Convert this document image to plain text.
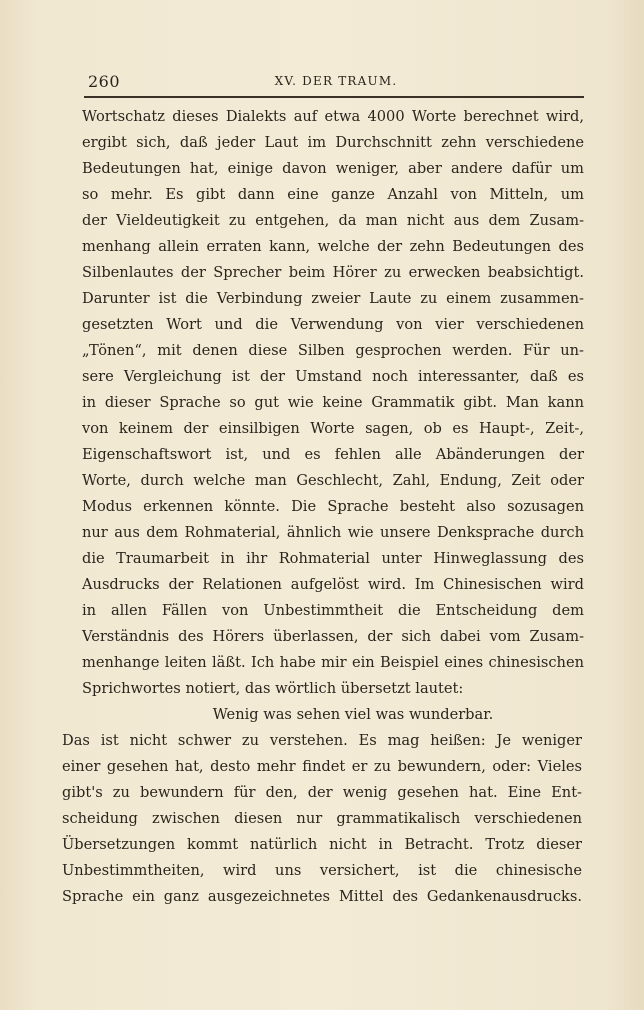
260	XV. DER TRAUM.
Wortschatz dieses Dialekts auf etwa 4000 Worte berechnet wird,
ergibt sich, daß jeder Laut im Durchschnitt zehn verschiedene
Bedeutungen hat, einige davon weniger, aber andere dafür um
so mehr. Es gibt dann eine ganze Anzahl von Mitteln, um
der Vieldeutigkeit zu entgehen, da man nicht aus dem Zusam-
menhang allein erraten kann, welche der zehn Bedeutungen des
Silbenlautes der Sprecher beim Hörer zu erwecken beabsichtigt.
Darunter ist die Verbindung zweier Laute zu einem zusammen-
gesetzten Wort und die Verwendung von vier verschiedenen
„Tönen“, mit denen diese Silben gesprochen werden. Für un-
sere Vergleichung ist der Umstand noch interessanter, daß es
in dieser Sprache so gut wie keine Grammatik gibt. Man kann
von keinem der einsilbigen Worte sagen, ob es Haupt-, Zeit-,
Eigenschaftswort ist, und es fehlen alle Abänderungen der
Worte, durch welche man Geschlecht, Zahl, Endung, Zeit oder
Modus erkennen könnte. Die Sprache besteht also sozusagen
nur aus dem Rohmaterial, ähnlich wie unsere Denksprache durch
die Traumarbeit in ihr Rohmaterial unter Hinweglassung des
Ausdrucks der Relationen aufgelöst wird. Im Chinesischen wird
in allen Fällen von Unbestimmtheit die Entscheidung dem
Verständnis des Hörers überlassen, der sich dabei vom Zusam-
menhange leiten läßt. Ich habe mir ein Beispiel eines chinesischen
Sprichwortes notiert, das wörtlich übersetzt lautet:
Wenig was sehen viel was wunderbar.
Das ist nicht schwer zu verstehen. Es mag heißen: Je weniger
einer gesehen hat, desto mehr findet er zu bewundern, oder: Vieles
gibt's zu bewundern für den, der wenig gesehen hat. Eine Ent-
scheidung zwischen diesen nur grammatikalisch verschiedenen
Übersetzungen kommt natürlich nicht in Betracht. Trotz dieser
Unbestimmtheiten, wird uns versichert, ist die chinesische
Sprache ein ganz ausgezeichnetes Mittel des Gedankenausdrucks.
